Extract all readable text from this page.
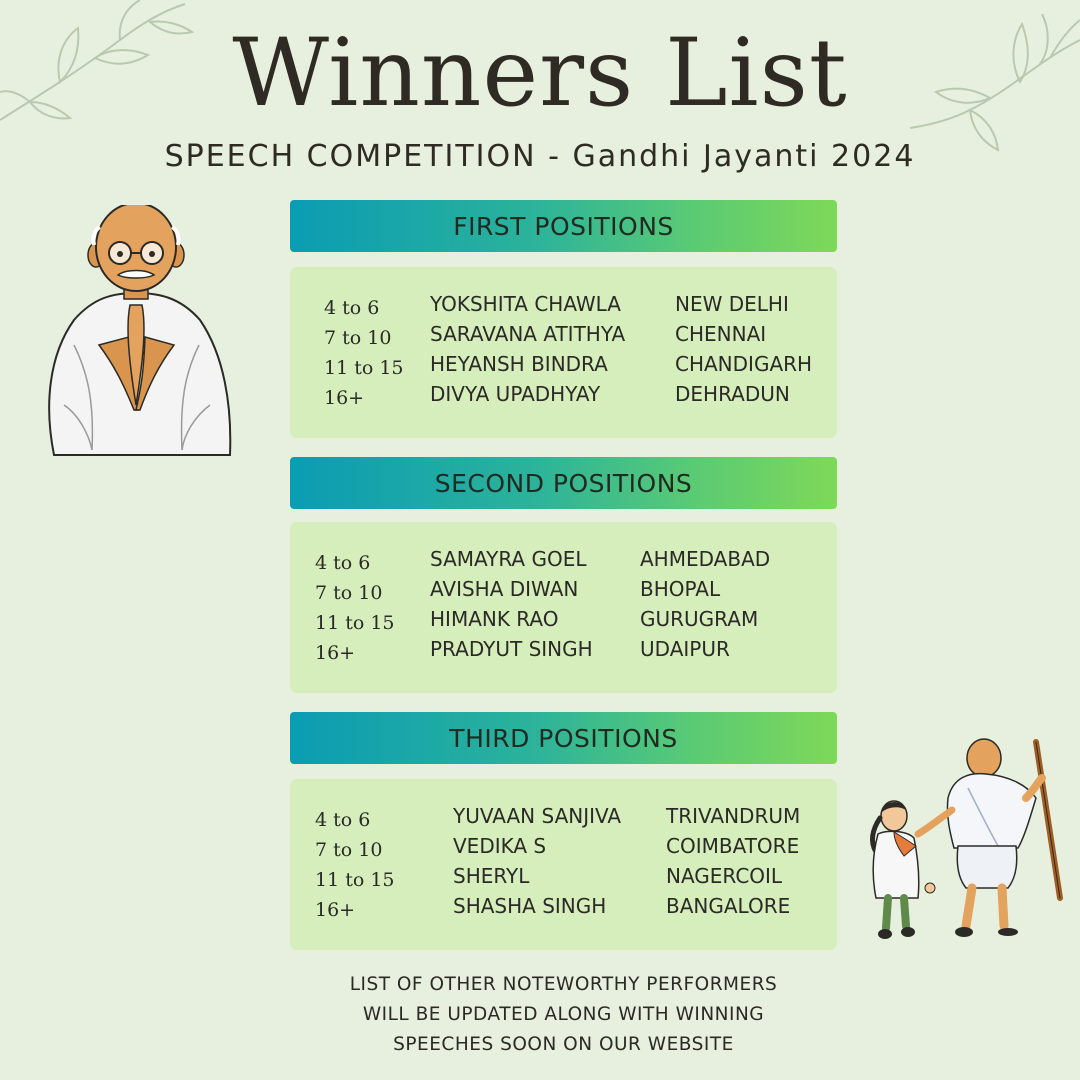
Winners List
SPEECH COMPETITION - Gandhi Jayanti 2024
FIRST POSITIONS
4 to 6
7 to 10
11 to 15
16+
YOKSHITA CHAWLA
SARAVANA ATITHYA
HEYANSH BINDRA
DIVYA UPADHYAY
NEW DELHI
CHENNAI
CHANDIGARH
DEHRADUN
SECOND POSITIONS
4 to 6
7 to 10
11 to 15
16+
SAMAYRA GOEL
AVISHA DIWAN
HIMANK RAO
PRADYUT SINGH
AHMEDABAD
BHOPAL
GURUGRAM
UDAIPUR
THIRD POSITIONS
4 to 6
7 to 10
11 to 15
16+
YUVAAN SANJIVA
VEDIKA S
SHERYL
SHASHA SINGH
TRIVANDRUM
COIMBATORE
NAGERCOIL
BANGALORE
LIST OF OTHER NOTEWORTHY PERFORMERS
WILL BE UPDATED ALONG WITH WINNING
SPEECHES SOON ON OUR WEBSITE
